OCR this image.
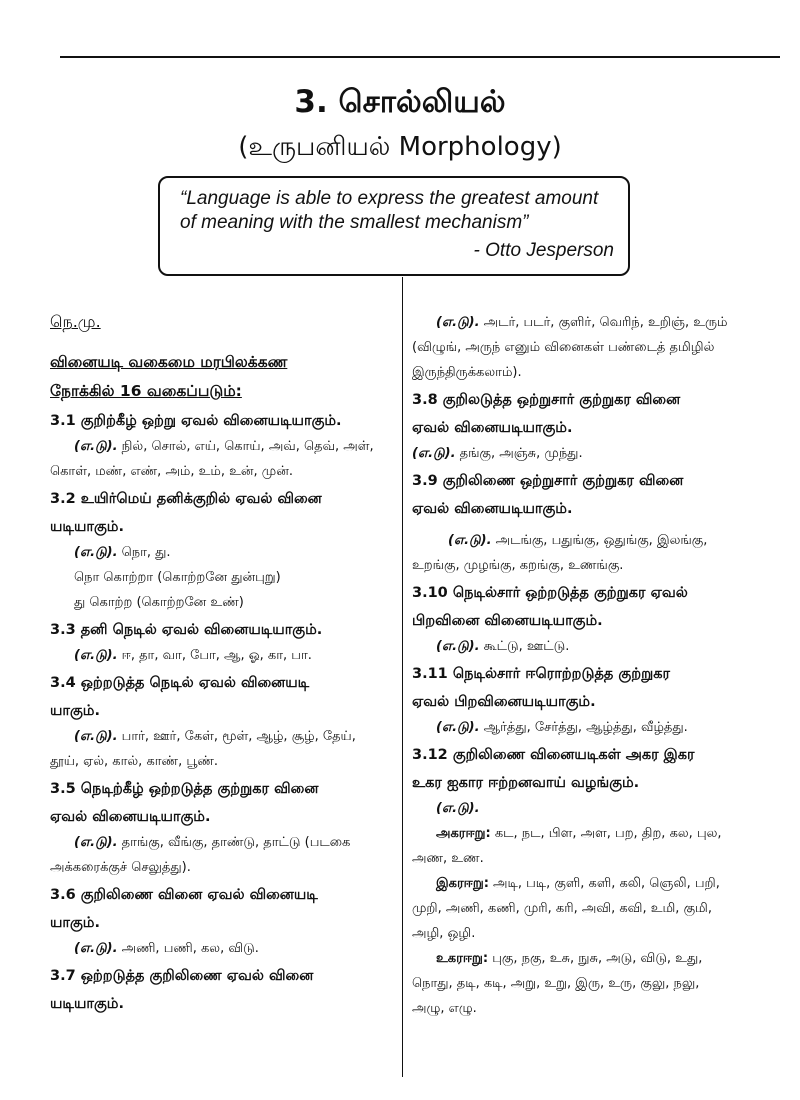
3. சொல்லியல்
(உருபனியல் Morphology)
“Language is able to express the greatest amount
of meaning with the smallest mechanism”
- Otto Jesperson
நெ.மு.
வினையடி வகைமை மரபிலக்கண
நோக்கில் 16 வகைப்படும்:
3.1 குறிற்கீழ் ஒற்று ஏவல் வினையடியாகும்.
(எ.டு). நில், சொல், எய், கொய், அவ், தெவ், அள்,
கொள், மண், எண், அம், உம், உன், முன்.
3.2 உயிர்மெய் தனிக்குறில் ஏவல் வினை
யடியாகும்.
(எ.டு). நொ, து.
நொ கொற்றா (கொற்றனே துன்புறு)
து கொற்ற (கொற்றனே உண்)
3.3 தனி நெடில் ஏவல் வினையடியாகும்.
(எ.டு). ஈ, தா, வா, போ, ஆ, ஓ, கா, பா.
3.4 ஒற்றடுத்த நெடில் ஏவல் வினையடி
யாகும்.
(எ.டு). பார், ஊர், கேள், மூள், ஆழ், சூழ், தேய்,
தூய், ஏல், கால், காண், பூண்.
3.5 நெடிற்கீழ் ஒற்றடுத்த குற்றுகர வினை
ஏவல் வினையடியாகும்.
(எ.டு). தாங்கு, வீங்கு, தாண்டு, தாட்டு (படகை
அக்கரைக்குச் செலுத்து).
3.6 குறிலிணை வினை ஏவல் வினையடி
யாகும்.
(எ.டு). அணி, பணி, கல, விடு.
3.7 ஒற்றடுத்த குறிலிணை ஏவல் வினை
யடியாகும்.
(எ.டு). அடர், படர், குளிர், வெரிந், உறிஞ், உரும்
(விழுங், அருந் எனும் வினைகள் பண்டைத் தமிழில்
இருந்திருக்கலாம்).
3.8 குறிலடுத்த ஒற்றுசார் குற்றுகர வினை
ஏவல் வினையடியாகும்.
(எ.டு). தங்கு, அஞ்சு, முந்து.
3.9 குறிலிணை ஒற்றுசார் குற்றுகர வினை
ஏவல் வினையடியாகும்.
(எ.டு). அடங்கு, பதுங்கு, ஒதுங்கு, இலங்கு,
உறங்கு, முழங்கு, கறங்கு, உணங்கு.
3.10 நெடில்சார் ஒற்றடுத்த குற்றுகர ஏவல்
பிறவினை வினையடியாகும்.
(எ.டு). கூட்டு, ஊட்டு.
3.11 நெடில்சார் ஈரொற்றடுத்த குற்றுகர
ஏவல் பிறவினையடியாகும்.
(எ.டு). ஆர்த்து, சேர்த்து, ஆழ்த்து, வீழ்த்து.
3.12 குறிலிணை வினையடிகள் அகர இகர
உகர ஐகார ஈற்றனவாய் வழங்கும்.
(எ.டு).
அகரஈறு: கட, நட, பிள, அள, பற, திற, கல, புல,
அண, உண.
இகரஈறு: அடி, படி, குளி, களி, கலி, ஞெலி, பறி,
முறி, அணி, கணி, முரி, கரி, அவி, கவி, உமி, குமி,
அழி, ஒழி.
உகரஈறு: புகு, நகு, உசு, நுசு, அடு, விடு, உது,
நொது, தடி, கடி, அறு, உறு, இரு, உரு, குலு, நலு,
அழு, எழு.
